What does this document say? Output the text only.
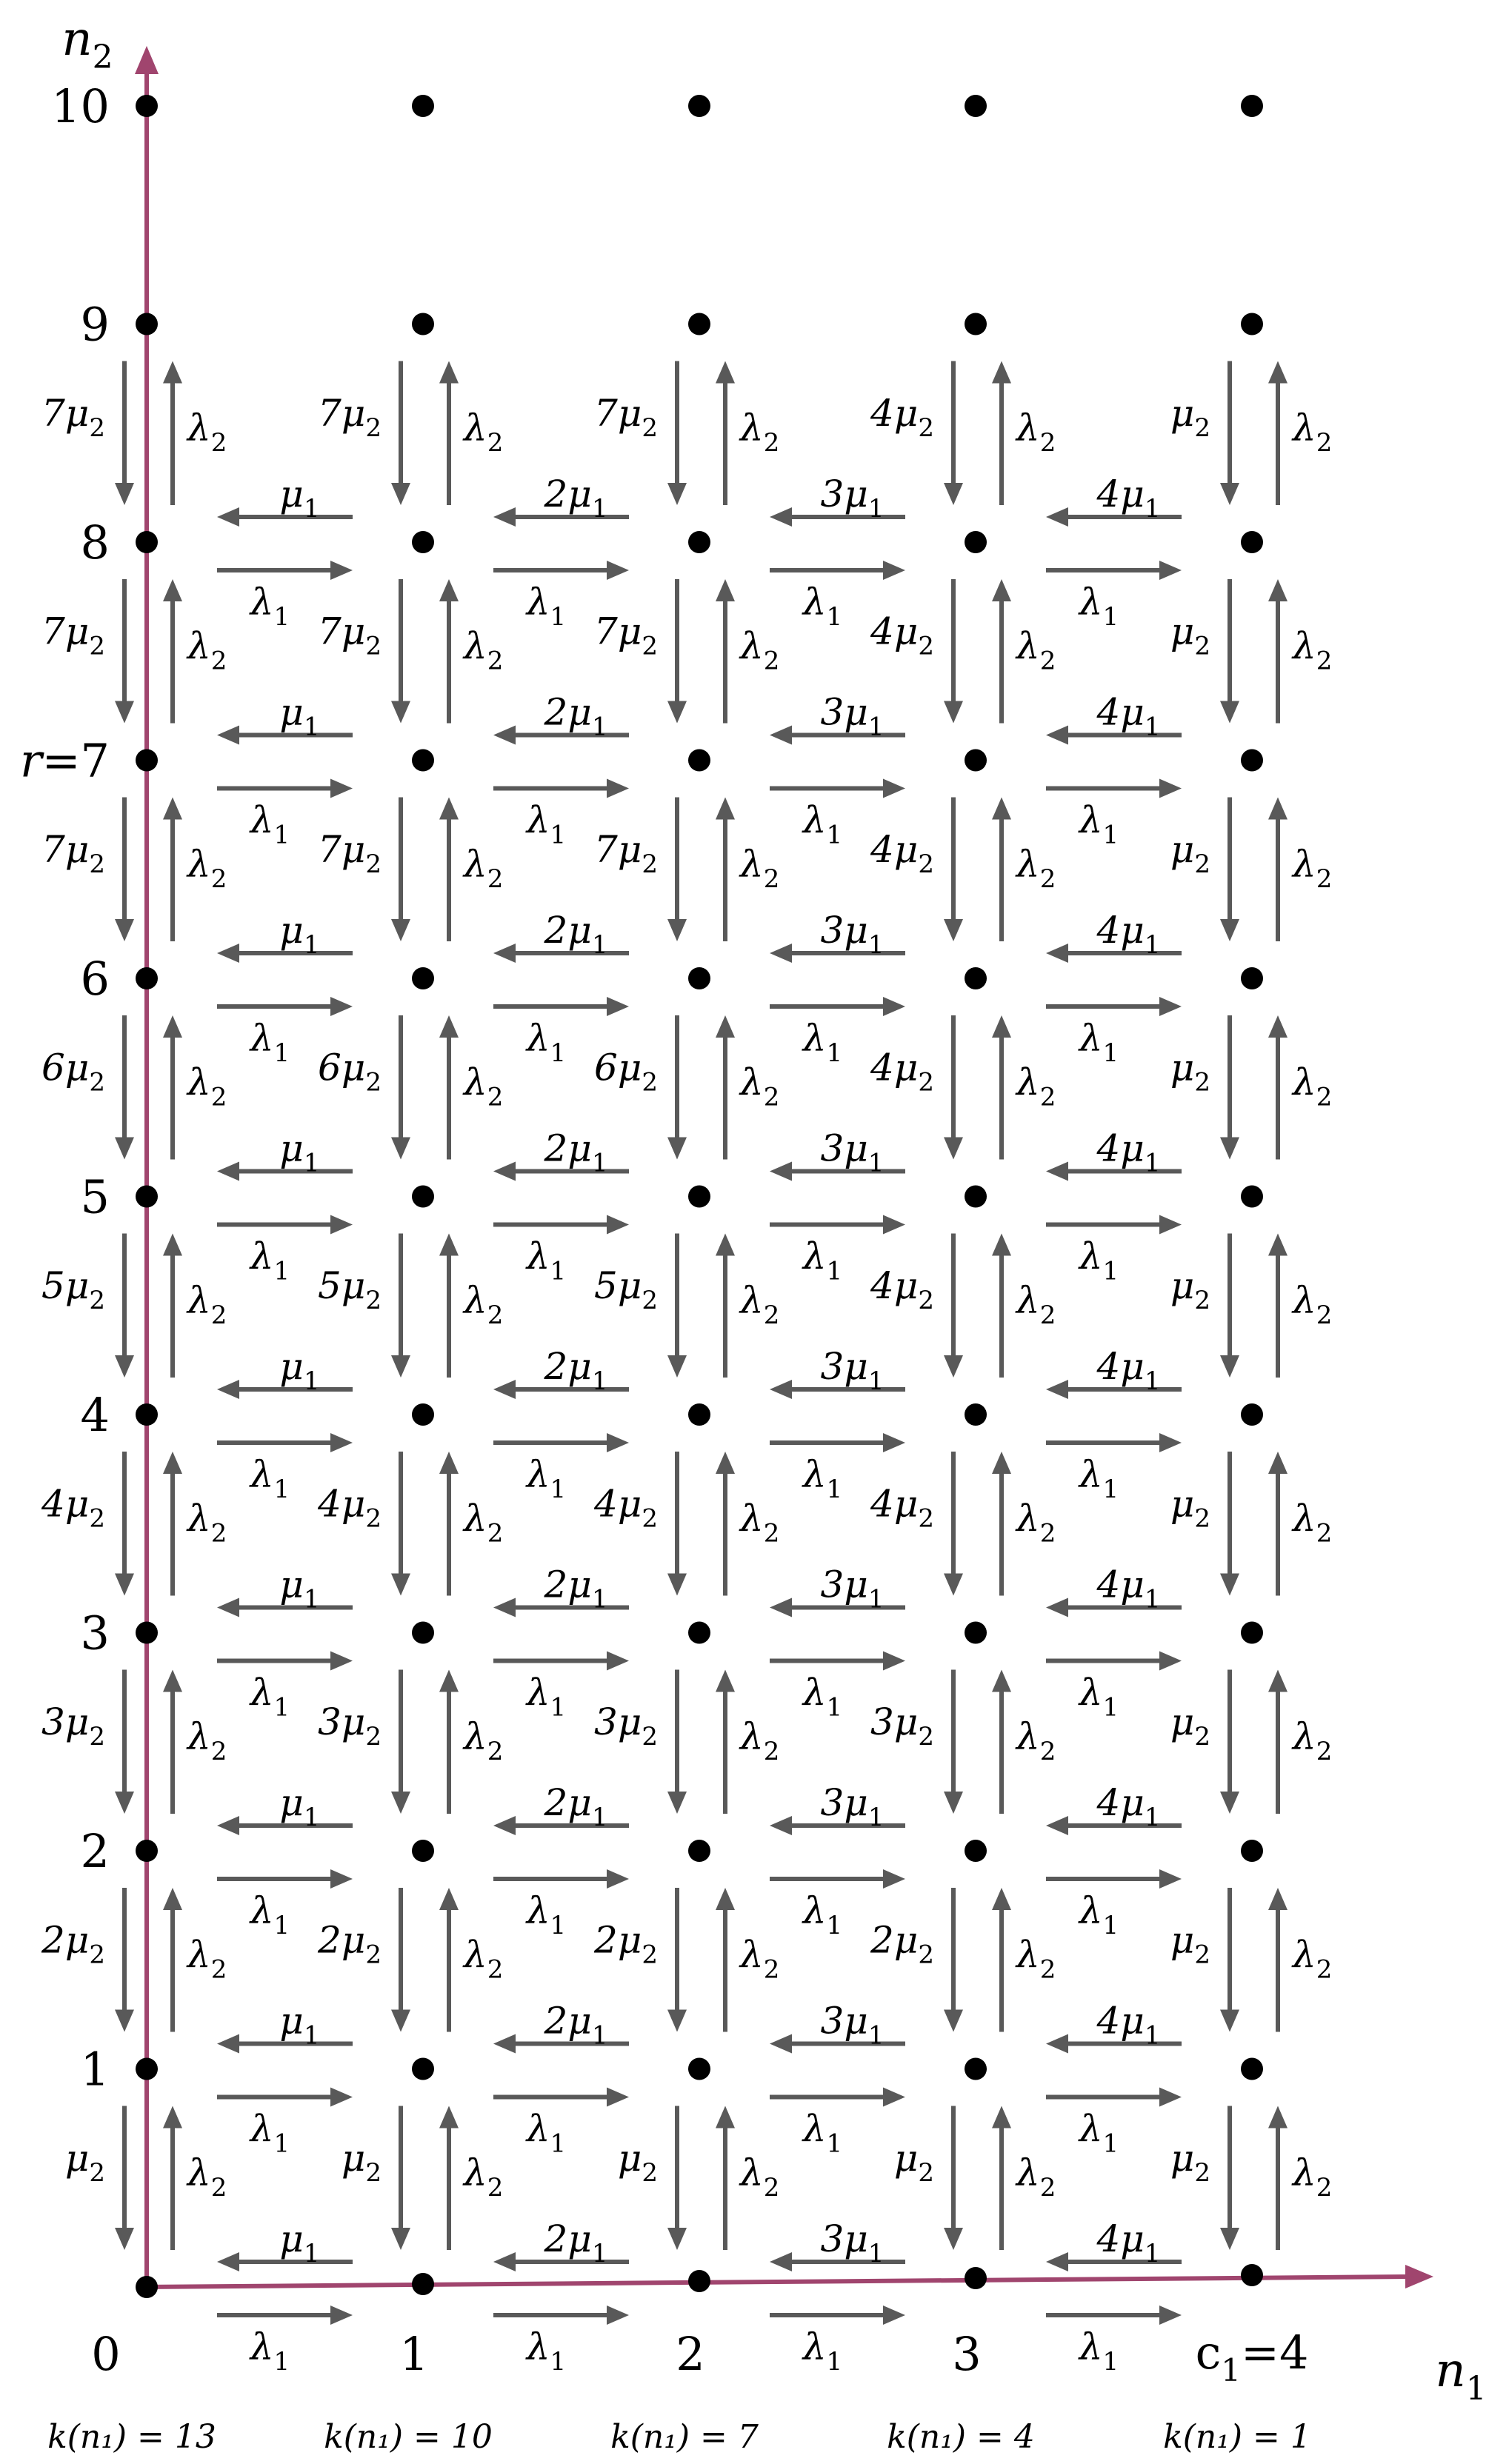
$n_2$
$n_1$
$\mu_2$ $\lambda_2$
$2\mu_2$ $\lambda_2$
$3\mu_2$ $\lambda_2$
$4\mu_2$ $\lambda_2$
$5\mu_2$ $\lambda_2$
$6\mu_2$ $\lambda_2$
$7\mu_2$ $\lambda_2$
$7\mu_2$ $\lambda_2$
$7\mu_2$ $\lambda_2$
$\mu_2$ $\lambda_2$
$2\mu_2$ $\lambda_2$
$3\mu_2$ $\lambda_2$
$4\mu_2$ $\lambda_2$
$5\mu_2$ $\lambda_2$
$6\mu_2$ $\lambda_2$
$7\mu_2$ $\lambda_2$
$7\mu_2$ $\lambda_2$
$7\mu_2$ $\lambda_2$
$\mu_2$ $\lambda_2$
$2\mu_2$ $\lambda_2$
$3\mu_2$ $\lambda_2$
$4\mu_2$ $\lambda_2$
$5\mu_2$ $\lambda_2$
$6\mu_2$ $\lambda_2$
$7\mu_2$ $\lambda_2$
$7\mu_2$ $\lambda_2$
$7\mu_2$ $\lambda_2$
$\mu_2$ $\lambda_2$
$2\mu_2$ $\lambda_2$
$3\mu_2$ $\lambda_2$
$4\mu_2$ $\lambda_2$
$4\mu_2$ $\lambda_2$
$4\mu_2$ $\lambda_2$
$4\mu_2$ $\lambda_2$
$4\mu_2$ $\lambda_2$
$4\mu_2$ $\lambda_2$
$\mu_2$ $\lambda_2$
$\mu_2$ $\lambda_2$
$\mu_2$ $\lambda_2$
$\mu_2$ $\lambda_2$
$\mu_2$ $\lambda_2$
$\mu_2$ $\lambda_2$
$\mu_2$ $\lambda_2$
$\mu_2$ $\lambda_2$
$\mu_2$ $\lambda_2$
$\mu_1$
$\lambda_1$
$2\mu_1$
$\lambda_1$
$3\mu_1$
$\lambda_1$
$4\mu_1$
$\lambda_1$
$\mu_1$
$\lambda_1$
$2\mu_1$
$\lambda_1$
$3\mu_1$
$\lambda_1$
$4\mu_1$
$\lambda_1$
$\mu_1$
$\lambda_1$
$2\mu_1$
$\lambda_1$
$3\mu_1$
$\lambda_1$
$4\mu_1$
$\lambda_1$
$\mu_1$
$\lambda_1$
$2\mu_1$
$\lambda_1$
$3\mu_1$
$\lambda_1$
$4\mu_1$
$\lambda_1$
$\mu_1$
$\lambda_1$
$2\mu_1$
$\lambda_1$
$3\mu_1$
$\lambda_1$
$4\mu_1$
$\lambda_1$
$\mu_1$
$\lambda_1$
$2\mu_1$
$\lambda_1$
$3\mu_1$
$\lambda_1$
$4\mu_1$
$\lambda_1$
$\mu_1$
$\lambda_1$
$2\mu_1$
$\lambda_1$
$3\mu_1$
$\lambda_1$
$4\mu_1$
$\lambda_1$
$\mu_1$
$\lambda_1$
$2\mu_1$
$\lambda_1$
$3\mu_1$
$\lambda_1$
$4\mu_1$
$\lambda_1$
$\mu_1$
$\lambda_1$
$2\mu_1$
$\lambda_1$
$3\mu_1$
$\lambda_1$
$4\mu_1$
$\lambda_1$
0	1	2	3	$c_1=4$
1
2
3
4
5
6
r=7
8
9
10
k(n₁) = 13	k(n₁) = 10	k(n₁) = 7	k(n₁) = 4	k(n₁) = 1
